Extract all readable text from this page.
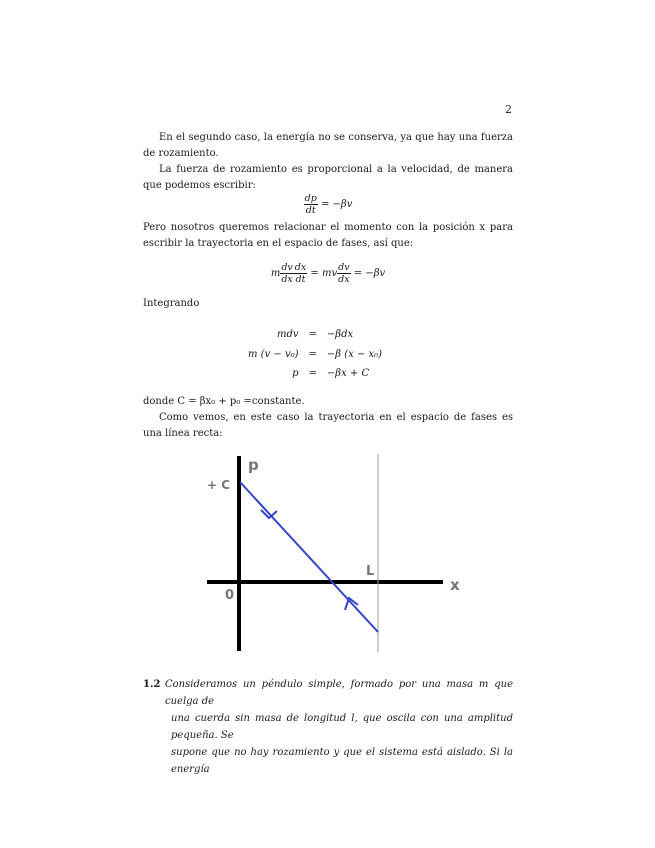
2
En el segundo caso, la energía no se conserva, ya que hay una fuerza de rozamiento.
La fuerza de rozamiento es proporcional a la velocidad, de manera que podemos escribir:
$\frac{dp}{dt} = -\beta v$
Pero nosotros queremos relacionar el momento con la posición x para escribir la trayectoria en el espacio de fases, así que:
m $\frac{dv}{dx} \frac{dx}{dt}$ = mv $\frac{dv}{dx} = -\beta v$
Integrando
mdv	=	−βdx
m (v − v₀)	=	−β (x − x₀)
p	=	−βx + C
donde C = βx₀ + p₀ =constante.
Como vemos, en este caso la trayectoria en el espacio de fases es una línea recta:
p
x
+ C
0
L
1.2 Consideramos un péndulo simple, formado por una masa m que cuelga de
una cuerda sin masa de longitud l, que oscila con una amplitud pequeña. Se
supone que no hay rozamiento y que el sistema está aislado. Si la energía
